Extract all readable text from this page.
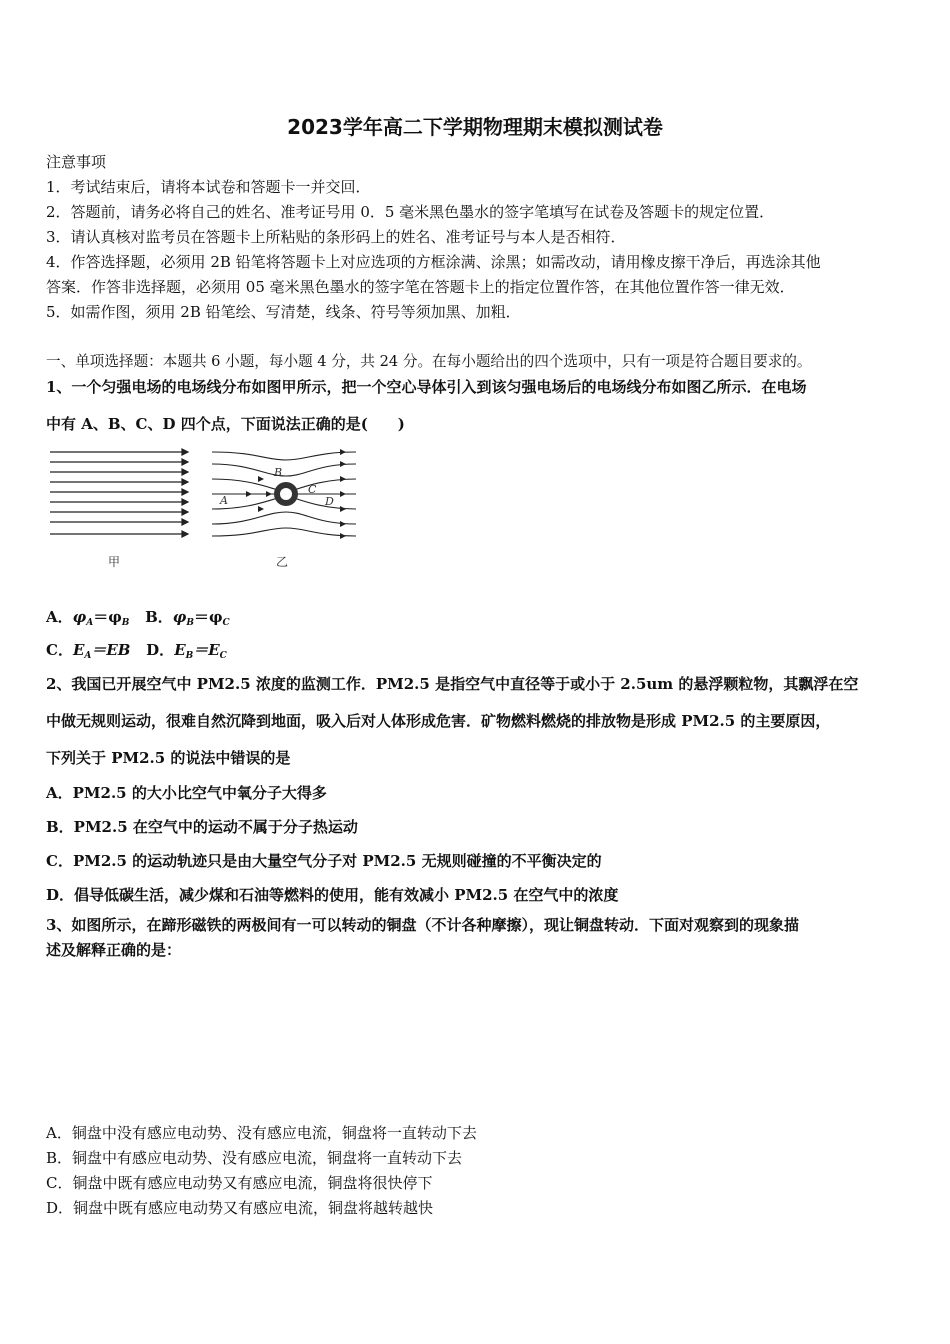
2023学年高二下学期物理期末模拟测试卷
注意事项
1．考试结束后，请将本试卷和答题卡一并交回．
2．答题前，请务必将自己的姓名、准考证号用 0．5 毫米黑色墨水的签字笔填写在试卷及答题卡的规定位置．
3．请认真核对监考员在答题卡上所粘贴的条形码上的姓名、准考证号与本人是否相符．
4．作答选择题，必须用 2B 铅笔将答题卡上对应选项的方框涂满、涂黑；如需改动，请用橡皮擦干净后，再选涂其他
答案．作答非选择题，必须用 05 毫米黑色墨水的签字笔在答题卡上的指定位置作答，在其他位置作答一律无效．
5．如需作图，须用 2B 铅笔绘、写清楚，线条、符号等须加黑、加粗．
一、单项选择题：本题共 6 小题，每小题 4 分，共 24 分。在每小题给出的四个选项中，只有一项是符合题目要求的。
1、一个匀强电场的电场线分布如图甲所示，把一个空心导体引入到该匀强电场后的电场线分布如图乙所示．在电场
中有 A、B、C、D 四个点，下面说法正确的是(　　)
甲
A
B
C
D
乙
A．$\varphi_A=\varphi_B$ B．$\varphi_B=\varphi_C$
C．$E_A=EB$ D．$E_B=E_C$
2、我国已开展空气中 PM2.5 浓度的监测工作．PM2.5 是指空气中直径等于或小于 2.5um 的悬浮颗粒物，其飘浮在空
中做无规则运动，很难自然沉降到地面，吸入后对人体形成危害．矿物燃料燃烧的排放物是形成 PM2.5 的主要原因，
下列关于 PM2.5 的说法中错误的是
A．PM2.5 的大小比空气中氧分子大得多
B．PM2.5 在空气中的运动不属于分子热运动
C．PM2.5 的运动轨迹只是由大量空气分子对 PM2.5 无规则碰撞的不平衡决定的
D．倡导低碳生活，减少煤和石油等燃料的使用，能有效减小 PM2.5 在空气中的浓度
3、如图所示，在蹄形磁铁的两极间有一可以转动的铜盘（不计各种摩擦），现让铜盘转动．下面对观察到的现象描
述及解释正确的是：
A．铜盘中没有感应电动势、没有感应电流，铜盘将一直转动下去
B．铜盘中有感应电动势、没有感应电流，铜盘将一直转动下去
C．铜盘中既有感应电动势又有感应电流，铜盘将很快停下
D．铜盘中既有感应电动势又有感应电流，铜盘将越转越快
